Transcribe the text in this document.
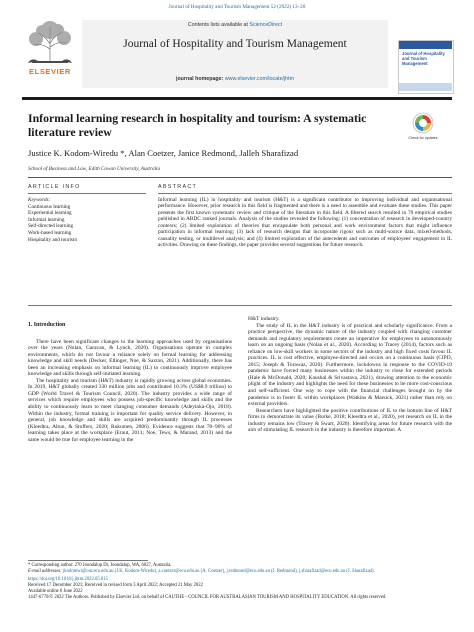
Journal of Hospitality and Tourism Management 52 (2022) 13–20
ELSEVIER
Contents lists available at ScienceDirect
Journal of Hospitality and Tourism Management
journal homepage: www.elsevier.com/locate/jhtm
Journal of Hospitality and Tourism Management
Check for updates
Informal learning research in hospitality and tourism: A systematic literature review
Justice K. Kodom-Wiredu *, Alan Coetzer, Janice Redmond, Jalleh Sharafizad
School of Business and Law, Edith Cowan University, Australia
ARTICLE INFO	ABSTRACT
Keywords:
Continuous learning
Experiential learning
Informal learning
Self-directed learning
Work-based learning
Hospitality and tourism
Informal learning (IL) in hospitality and tourism (H&T) is a significant contributor to improving individual and organisational performance. However, prior research in this field is fragmented and there is a need to assemble and evaluate these studies. This paper presents the first known systematic review and critique of the literature in this field. A filtered search resulted in 70 empirical studies published in ABDC ranked journals. Analysis of the studies revealed the following: (1) concentration of research in developed-country contexts; (2) limited exploration of theories that encapsulate both personal and work environment factors that might influence participation in informal learning; (3) lack of research designs that incorporate rigour such as multi-source data, mixed-methods, causality testing, or multilevel analysis; and (4) limited exploration of the antecedents and outcomes of employees' engagement in IL activities. Drawing on these findings, the paper provides several suggestions for future research.
1. Introduction

There have been significant changes to the learning approaches used by organisations over the years (Nolan, Garavan, & Lynch, 2020). Organisations operate in complex environments, which do not favour a reliance solely on formal learning for addressing knowledge and skill needs (Decker, Ellinger, Noe, & Saxton, 2021). Additionally, there has been an increasing emphasis on informal learning (IL) to continuously improve employee knowledge and skills through self-initiated learning.

The hospitality and tourism (H&T) industry is rapidly growing across global economies. In 2019, H&T globally created 330 million jobs and contributed 10.3% (US$8.9 trillion) to GDP (World Travel & Tourism Council, 2020). The industry provides a wide range of services which require employees who possess job-specific knowledge and skills and the ability to continuously learn to meet changing consumer demands (Adeyinka-Ojo, 2018). Within the industry, formal training is important for quality service delivery. However, in general, job knowledge and skills are acquired predominantly through IL processes (Kleedtra, Altun, & Stoffers, 2020; Rukumen, 2006). Evidence suggests that 70–90% of learning takes place at the workplace (Eraut, 2011; Noe, Tews, & Marand, 2013) and the same would be true for employee learning in the

H&T industry.

The study of IL in the H&T industry is of practical and scholarly significance. From a practice perspective, the dynamic nature of the industry coupled with changing customer demands and regulatory requirements create an imperative for employees to autonomously learn on an ongoing basis (Nolan et al., 2020). According to Tracey (2014), factors such as reliance on low-skill workers in some sectors of the industry and high fixed costs favour IL practices. IL is cost effective, employee-directed and occurs on a continuous basis (CIPD, 2015; Joseph & Torawaz, 2020). Furthermore, lockdowns in response to the COVID-19 pandemic have forced many businesses within the industry to close for extended periods (Hale & McDonald, 2020; Kaushal & Srivastava, 2021), drawing attention to the economic plight of the industry and highlights the need for these businesses to be more cost-conscious and self-sufficient. One way to cope with the financial challenges brought on by the pandemic is to foster IL within workplaces (Watkins & Marsick, 2021) rather than rely on external providers.

Researchers have highlighted the positive contributions of IL to the bottom line of H&T firms to demonstrate its value (Burke, 2018; Kleedtra et al., 2020), yet research on IL in the industry remains low (Tracey & Swart, 2020). Identifying areas for future research with the aim of stimulating IL research in the industry is therefore important. A

* Corresponding author. 270 Joondalup Dr, Joondalup, WA, 6027, Australia.
E-mail addresses: jkodomwi@our.ecu.edu.au (J.K. Kodom-Wiredu), a.coetzer@ecu.edu.au (A. Coetzer), j.redmond@ecu.edu.au (J. Redmond), j.sharafizad@ecu.edu.au (J. Sharafizad).
https://doi.org/10.1016/j.jhtm.2022.05.015
Received 17 December 2021; Received in revised form 3 April 2022; Accepted 21 May 2022
Available online 6 June 2022
1447-6770/© 2022 The Authors. Published by Elsevier Ltd. on behalf of CAUTHE - COUNCIL FOR AUSTRALASIAN TOURISM AND HOSPITALITY EDUCATION. All rights reserved.
